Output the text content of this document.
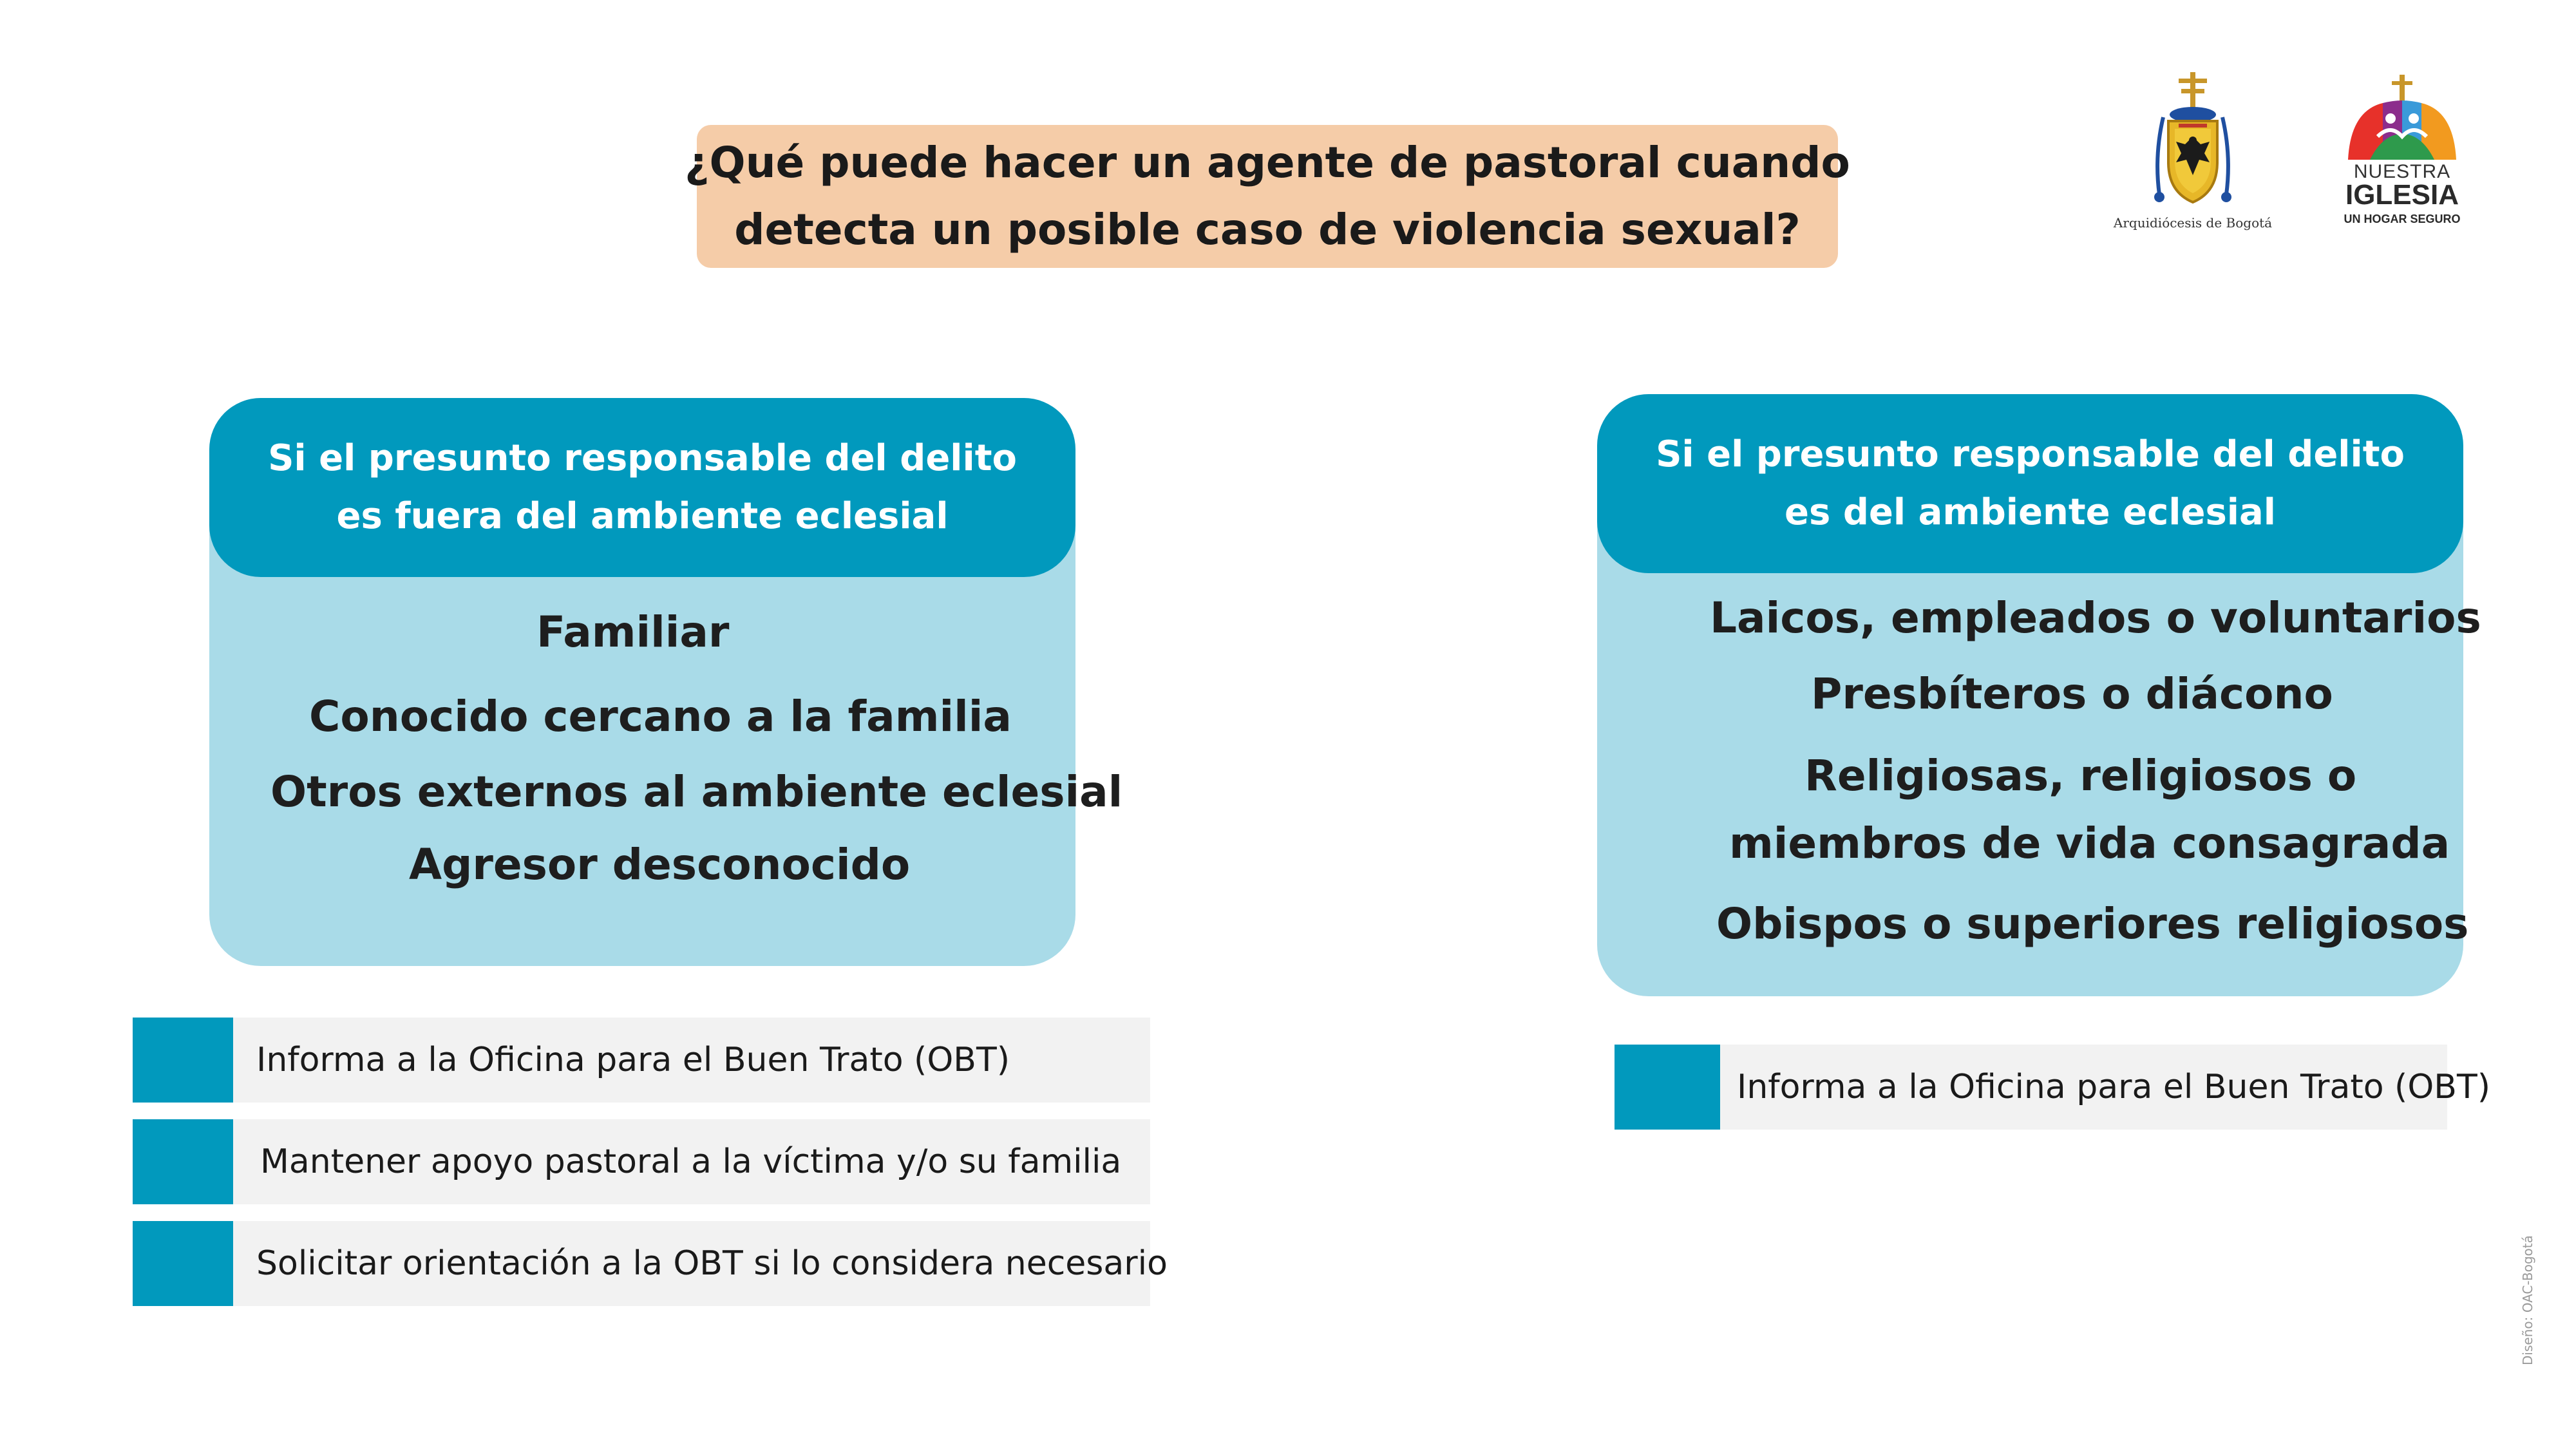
¿Qué puede hacer un agente de pastoral cuando
detecta un posible caso de violencia sexual?	Arquidiócesis de Bogotá
NUESTRA
IGLESIA
UN HOGAR SEGURO
Si el presunto responsable del delito
es fuera del ambiente eclesial
Familiar
Conocido cercano a la familia
Otros externos al ambiente eclesial
Agresor desconocido
Si el presunto responsable del delito
es del ambiente eclesial
Laicos, empleados o voluntarios
Presbíteros o diácono
Religiosas, religiosos o
miembros de vida consagrada
Obispos o superiores religiosos
Informa a la Oficina para el Buen Trato (OBT)
Mantener apoyo pastoral a la víctima y/o su familia
Solicitar orientación a la OBT si lo considera necesario
Informa a la Oficina para el Buen Trato (OBT)
Diseño: OAC-Bogotá
